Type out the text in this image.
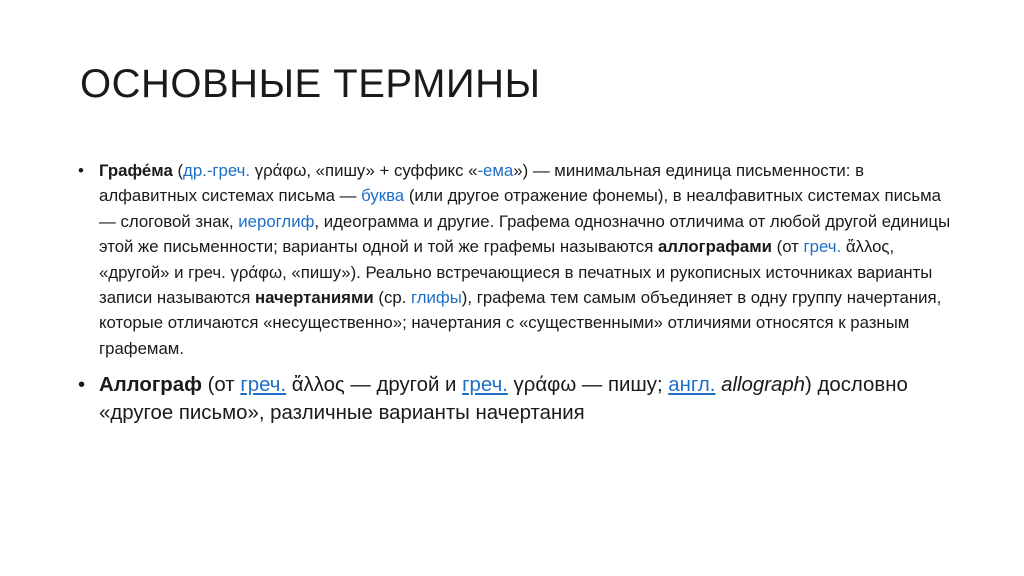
ОСНОВНЫЕ ТЕРМИНЫ
• Графе́ма (др.-греч. γράφω, «пишу» + суффикс «-ема») — минимальная единица письменности: в алфавитных системах письма — буква (или другое отражение фонемы), в неалфавитных системах письма — слоговой знак, иероглиф, идеограмма и другие. Графема однозначно отличима от любой другой единицы этой же письменности; варианты одной и той же графемы называются аллографами (от греч. ἄλλος, «другой» и греч. γράφω, «пишу»). Реально встречающиеся в печатных и рукописных источниках варианты записи называются начертаниями (ср. глифы), графема тем самым объединяет в одну группу начертания, которые отличаются «несущественно»; начертания с «существенными» отличиями относятся к разным графемам.
• Аллограф (от греч. ἄλλος — другой и греч. γράφω — пишу; англ. allograph) дословно «другое письмо», различные варианты начертания
